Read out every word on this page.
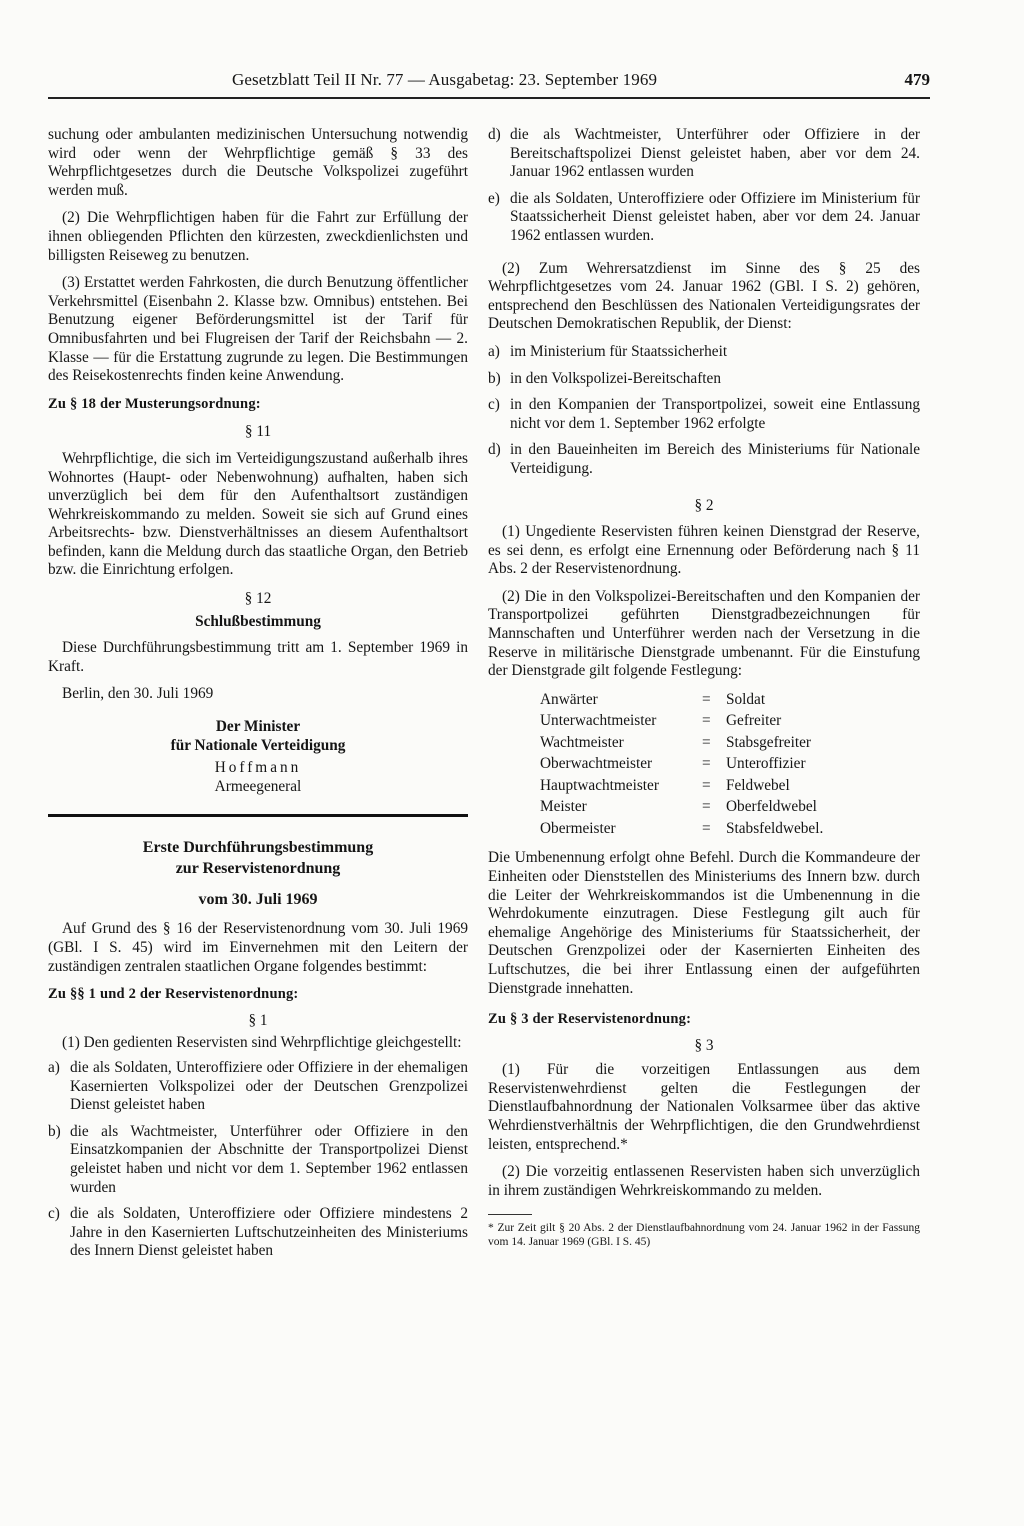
Gesetzblatt Teil II Nr. 77 — Ausgabetag: 23. September 1969	479

suchung oder ambulanten medizinischen Untersuchung notwendig wird oder wenn der Wehrpflichtige gemäß § 33 des Wehrpflichtgesetzes durch die Deutsche Volkspolizei zugeführt werden muß.

(2) Die Wehrpflichtigen haben für die Fahrt zur Erfüllung der ihnen obliegenden Pflichten den kürzesten, zweckdienlichsten und billigsten Reiseweg zu benutzen.

(3) Erstattet werden Fahrkosten, die durch Benutzung öffentlicher Verkehrsmittel (Eisenbahn 2. Klasse bzw. Omnibus) entstehen. Bei Benutzung eigener Beförderungsmittel ist der Tarif für Omnibusfahrten und bei Flugreisen der Tarif der Reichsbahn — 2. Klasse — für die Erstattung zugrunde zu legen. Die Bestimmungen des Reisekostenrechts finden keine Anwendung.

Zu § 18 der Musterungsordnung:
§ 11

Wehrpflichtige, die sich im Verteidigungszustand außerhalb ihres Wohnortes (Haupt- oder Nebenwohnung) aufhalten, haben sich unverzüglich bei dem für den Aufenthaltsort zuständigen Wehrkreiskommando zu melden. Soweit sie sich auf Grund eines Arbeitsrechts- bzw. Dienstverhältnisses an diesem Aufenthaltsort befinden, kann die Meldung durch das staatliche Organ, den Betrieb bzw. die Einrichtung erfolgen.

§ 12
Schlußbestimmung

Diese Durchführungsbestimmung tritt am 1. September 1969 in Kraft.

Berlin, den 30. Juli 1969

Der Minister
für Nationale Verteidigung
Hoffmann
Armeegeneral
Erste Durchführungsbestimmung
zur Reservistenordnung
vom 30. Juli 1969

Auf Grund des § 16 der Reservistenordnung vom 30. Juli 1969 (GBl. I S. 45) wird im Einvernehmen mit den Leitern der zuständigen zentralen staatlichen Organe folgendes bestimmt:

Zu §§ 1 und 2 der Reservistenordnung:
§ 1

(1) Den gedienten Reservisten sind Wehrpflichtige gleichgestellt:

a) die als Soldaten, Unteroffiziere oder Offiziere in der ehemaligen Kasernierten Volkspolizei oder der Deutschen Grenzpolizei Dienst geleistet haben
b) die als Wachtmeister, Unterführer oder Offiziere in den Einsatzkompanien der Abschnitte der Transportpolizei Dienst geleistet haben und nicht vor dem 1. September 1962 entlassen wurden
c) die als Soldaten, Unteroffiziere oder Offiziere mindestens 2 Jahre in den Kasernierten Luftschutzeinheiten des Ministeriums des Innern Dienst geleistet haben
d) die als Wachtmeister, Unterführer oder Offiziere in der Bereitschaftspolizei Dienst geleistet haben, aber vor dem 24. Januar 1962 entlassen wurden
e) die als Soldaten, Unteroffiziere oder Offiziere im Ministerium für Staatssicherheit Dienst geleistet haben, aber vor dem 24. Januar 1962 entlassen wurden.

(2) Zum Wehrersatzdienst im Sinne des § 25 des Wehrpflichtgesetzes vom 24. Januar 1962 (GBl. I S. 2) gehören, entsprechend den Beschlüssen des Nationalen Verteidigungsrates der Deutschen Demokratischen Republik, der Dienst:

a) im Ministerium für Staatssicherheit
b) in den Volkspolizei-Bereitschaften
c) in den Kompanien der Transportpolizei, soweit eine Entlassung nicht vor dem 1. September 1962 erfolgte
d) in den Baueinheiten im Bereich des Ministeriums für Nationale Verteidigung.
§ 2

(1) Ungediente Reservisten führen keinen Dienstgrad der Reserve, es sei denn, es erfolgt eine Ernennung oder Beförderung nach § 11 Abs. 2 der Reservistenordnung.

(2) Die in den Volkspolizei-Bereitschaften und den Kompanien der Transportpolizei geführten Dienstgradbezeichnungen für Mannschaften und Unterführer werden nach der Versetzung in die Reserve in militärische Dienstgrade umbenannt. Für die Einstufung der Dienstgrade gilt folgende Festlegung:

Anwärter	=	Soldat
Unterwachtmeister	=	Gefreiter
Wachtmeister	=	Stabsgefreiter
Oberwachtmeister	=	Unteroffizier
Hauptwachtmeister	=	Feldwebel
Meister	=	Oberfeldwebel
Obermeister	=	Stabsfeldwebel.

Die Umbenennung erfolgt ohne Befehl. Durch die Kommandeure der Einheiten oder Dienststellen des Ministeriums des Innern bzw. durch die Leiter der Wehrkreiskommandos ist die Umbenennung in die Wehrdokumente einzutragen. Diese Festlegung gilt auch für ehemalige Angehörige des Ministeriums für Staatssicherheit, der Deutschen Grenzpolizei oder der Kasernierten Einheiten des Luftschutzes, die bei ihrer Entlassung einen der aufgeführten Dienstgrade innehatten.

Zu § 3 der Reservistenordnung:
§ 3

(1) Für die vorzeitigen Entlassungen aus dem Reservistenwehrdienst gelten die Festlegungen der Dienstlaufbahnordnung der Nationalen Volksarmee über das aktive Wehrdienstverhältnis der Wehrpflichtigen, die den Grundwehrdienst leisten, entsprechend.*

(2) Die vorzeitig entlassenen Reservisten haben sich unverzüglich in ihrem zuständigen Wehrkreiskommando zu melden.

* Zur Zeit gilt § 20 Abs. 2 der Dienstlaufbahnordnung vom 24. Januar 1962 in der Fassung vom 14. Januar 1969 (GBl. I S. 45)
